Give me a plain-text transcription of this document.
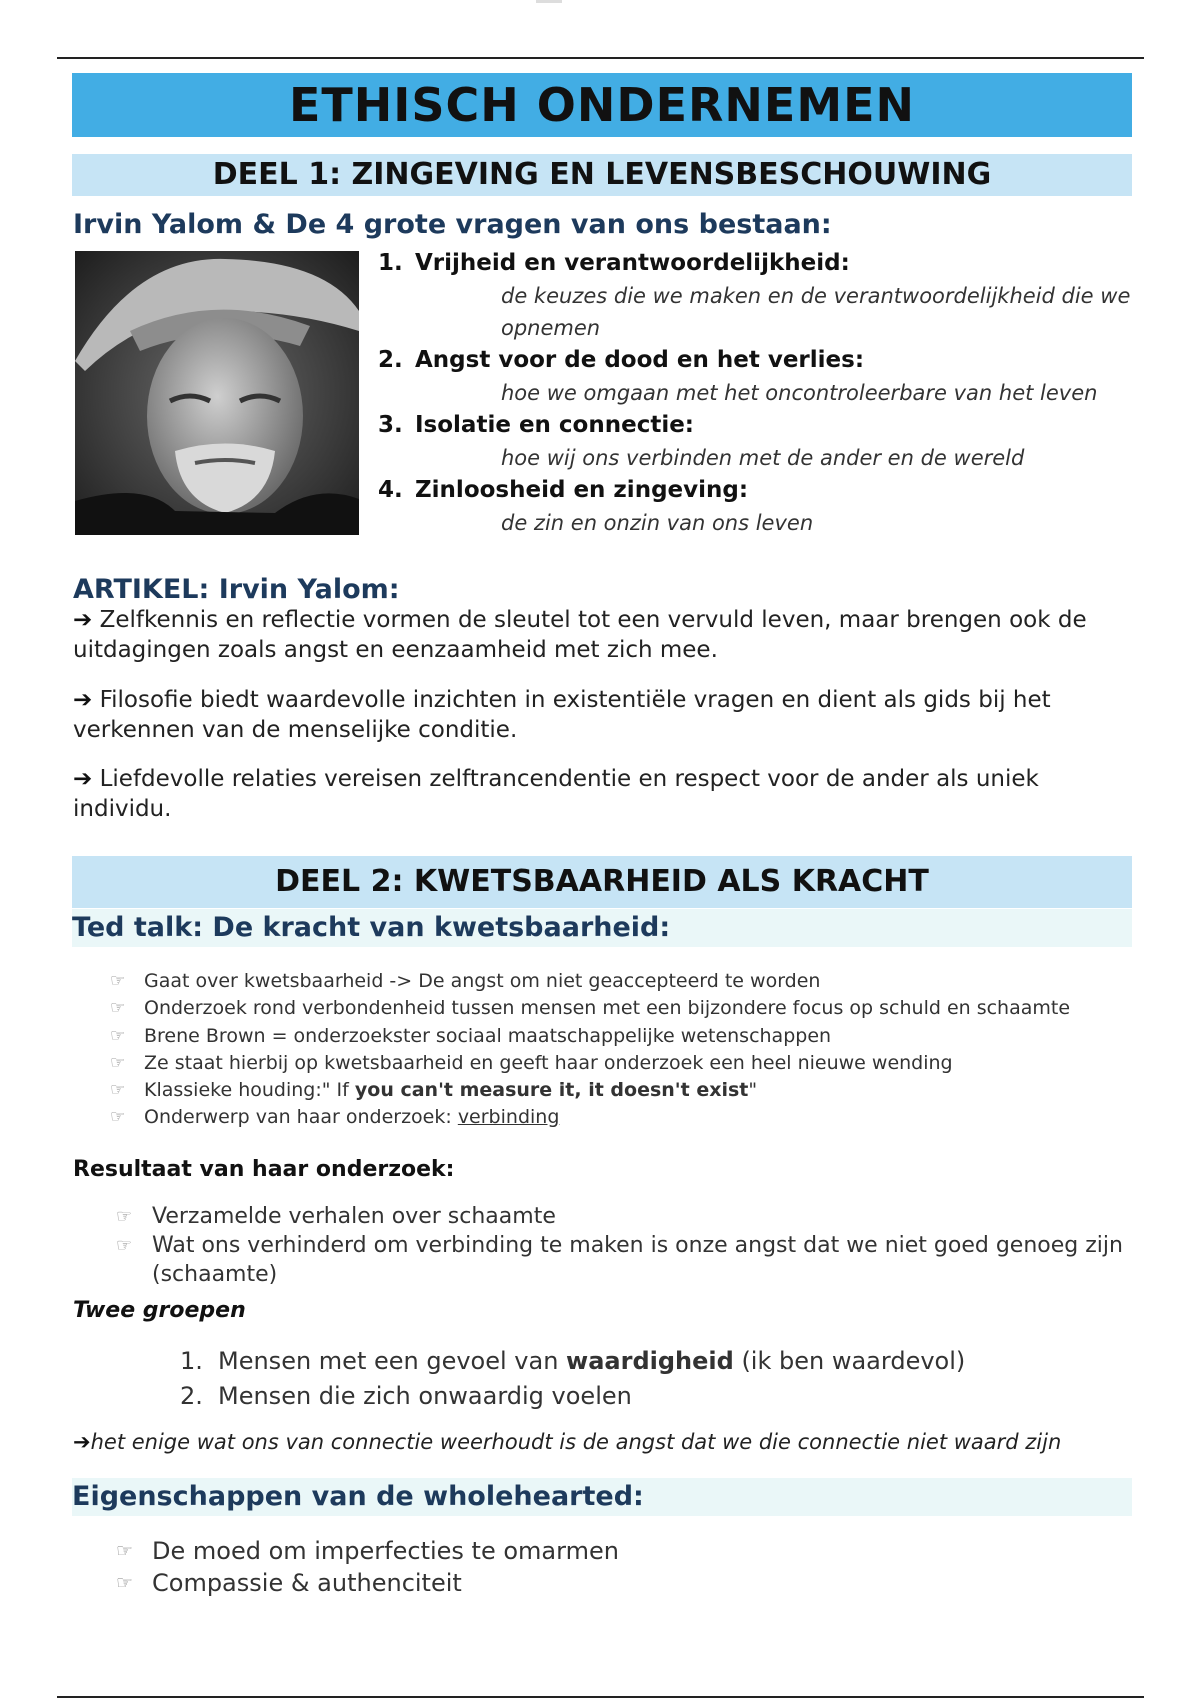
ETHISCH ONDERNEMEN
DEEL 1: ZINGEVING EN LEVENSBESCHOUWING
Irvin Yalom & De 4 grote vragen van ons bestaan:
1. Vrijheid en verantwoordelijkheid:
de keuzes die we maken en de verantwoordelijkheid die we opnemen
2. Angst voor de dood en het verlies:
hoe we omgaan met het oncontroleerbare van het leven
3. Isolatie en connectie:
hoe wij ons verbinden met de ander en de wereld
4. Zinloosheid en zingeving:
de zin en onzin van ons leven
ARTIKEL: Irvin Yalom:
➔ Zelfkennis en reflectie vormen de sleutel tot een vervuld leven, maar brengen ook de uitdagingen zoals angst en eenzaamheid met zich mee.
➔ Filosofie biedt waardevolle inzichten in existentiële vragen en dient als gids bij het verkennen van de menselijke conditie.
➔ Liefdevolle relaties vereisen zelftrancendentie en respect voor de ander als uniek individu.
DEEL 2: KWETSBAARHEID ALS KRACHT
Ted talk: De kracht van kwetsbaarheid:
☞ Gaat over kwetsbaarheid -> De angst om niet geaccepteerd te worden
☞ Onderzoek rond verbondenheid tussen mensen met een bijzondere focus op schuld en schaamte
☞ Brene Brown = onderzoekster sociaal maatschappelijke wetenschappen
☞ Ze staat hierbij op kwetsbaarheid en geeft haar onderzoek een heel nieuwe wending
☞ Klassieke houding:" If you can't measure it, it doesn't exist"
☞ Onderwerp van haar onderzoek: verbinding
Resultaat van haar onderzoek:
☞ Verzamelde verhalen over schaamte
☞ Wat ons verhinderd om verbinding te maken is onze angst dat we niet goed genoeg zijn (schaamte)
Twee groepen
1. Mensen met een gevoel van waardigheid (ik ben waardevol)
2. Mensen die zich onwaardig voelen
➔het enige wat ons van connectie weerhoudt is de angst dat we die connectie niet waard zijn
Eigenschappen van de wholehearted:
☞ De moed om imperfecties te omarmen
☞ Compassie & authenciteit
